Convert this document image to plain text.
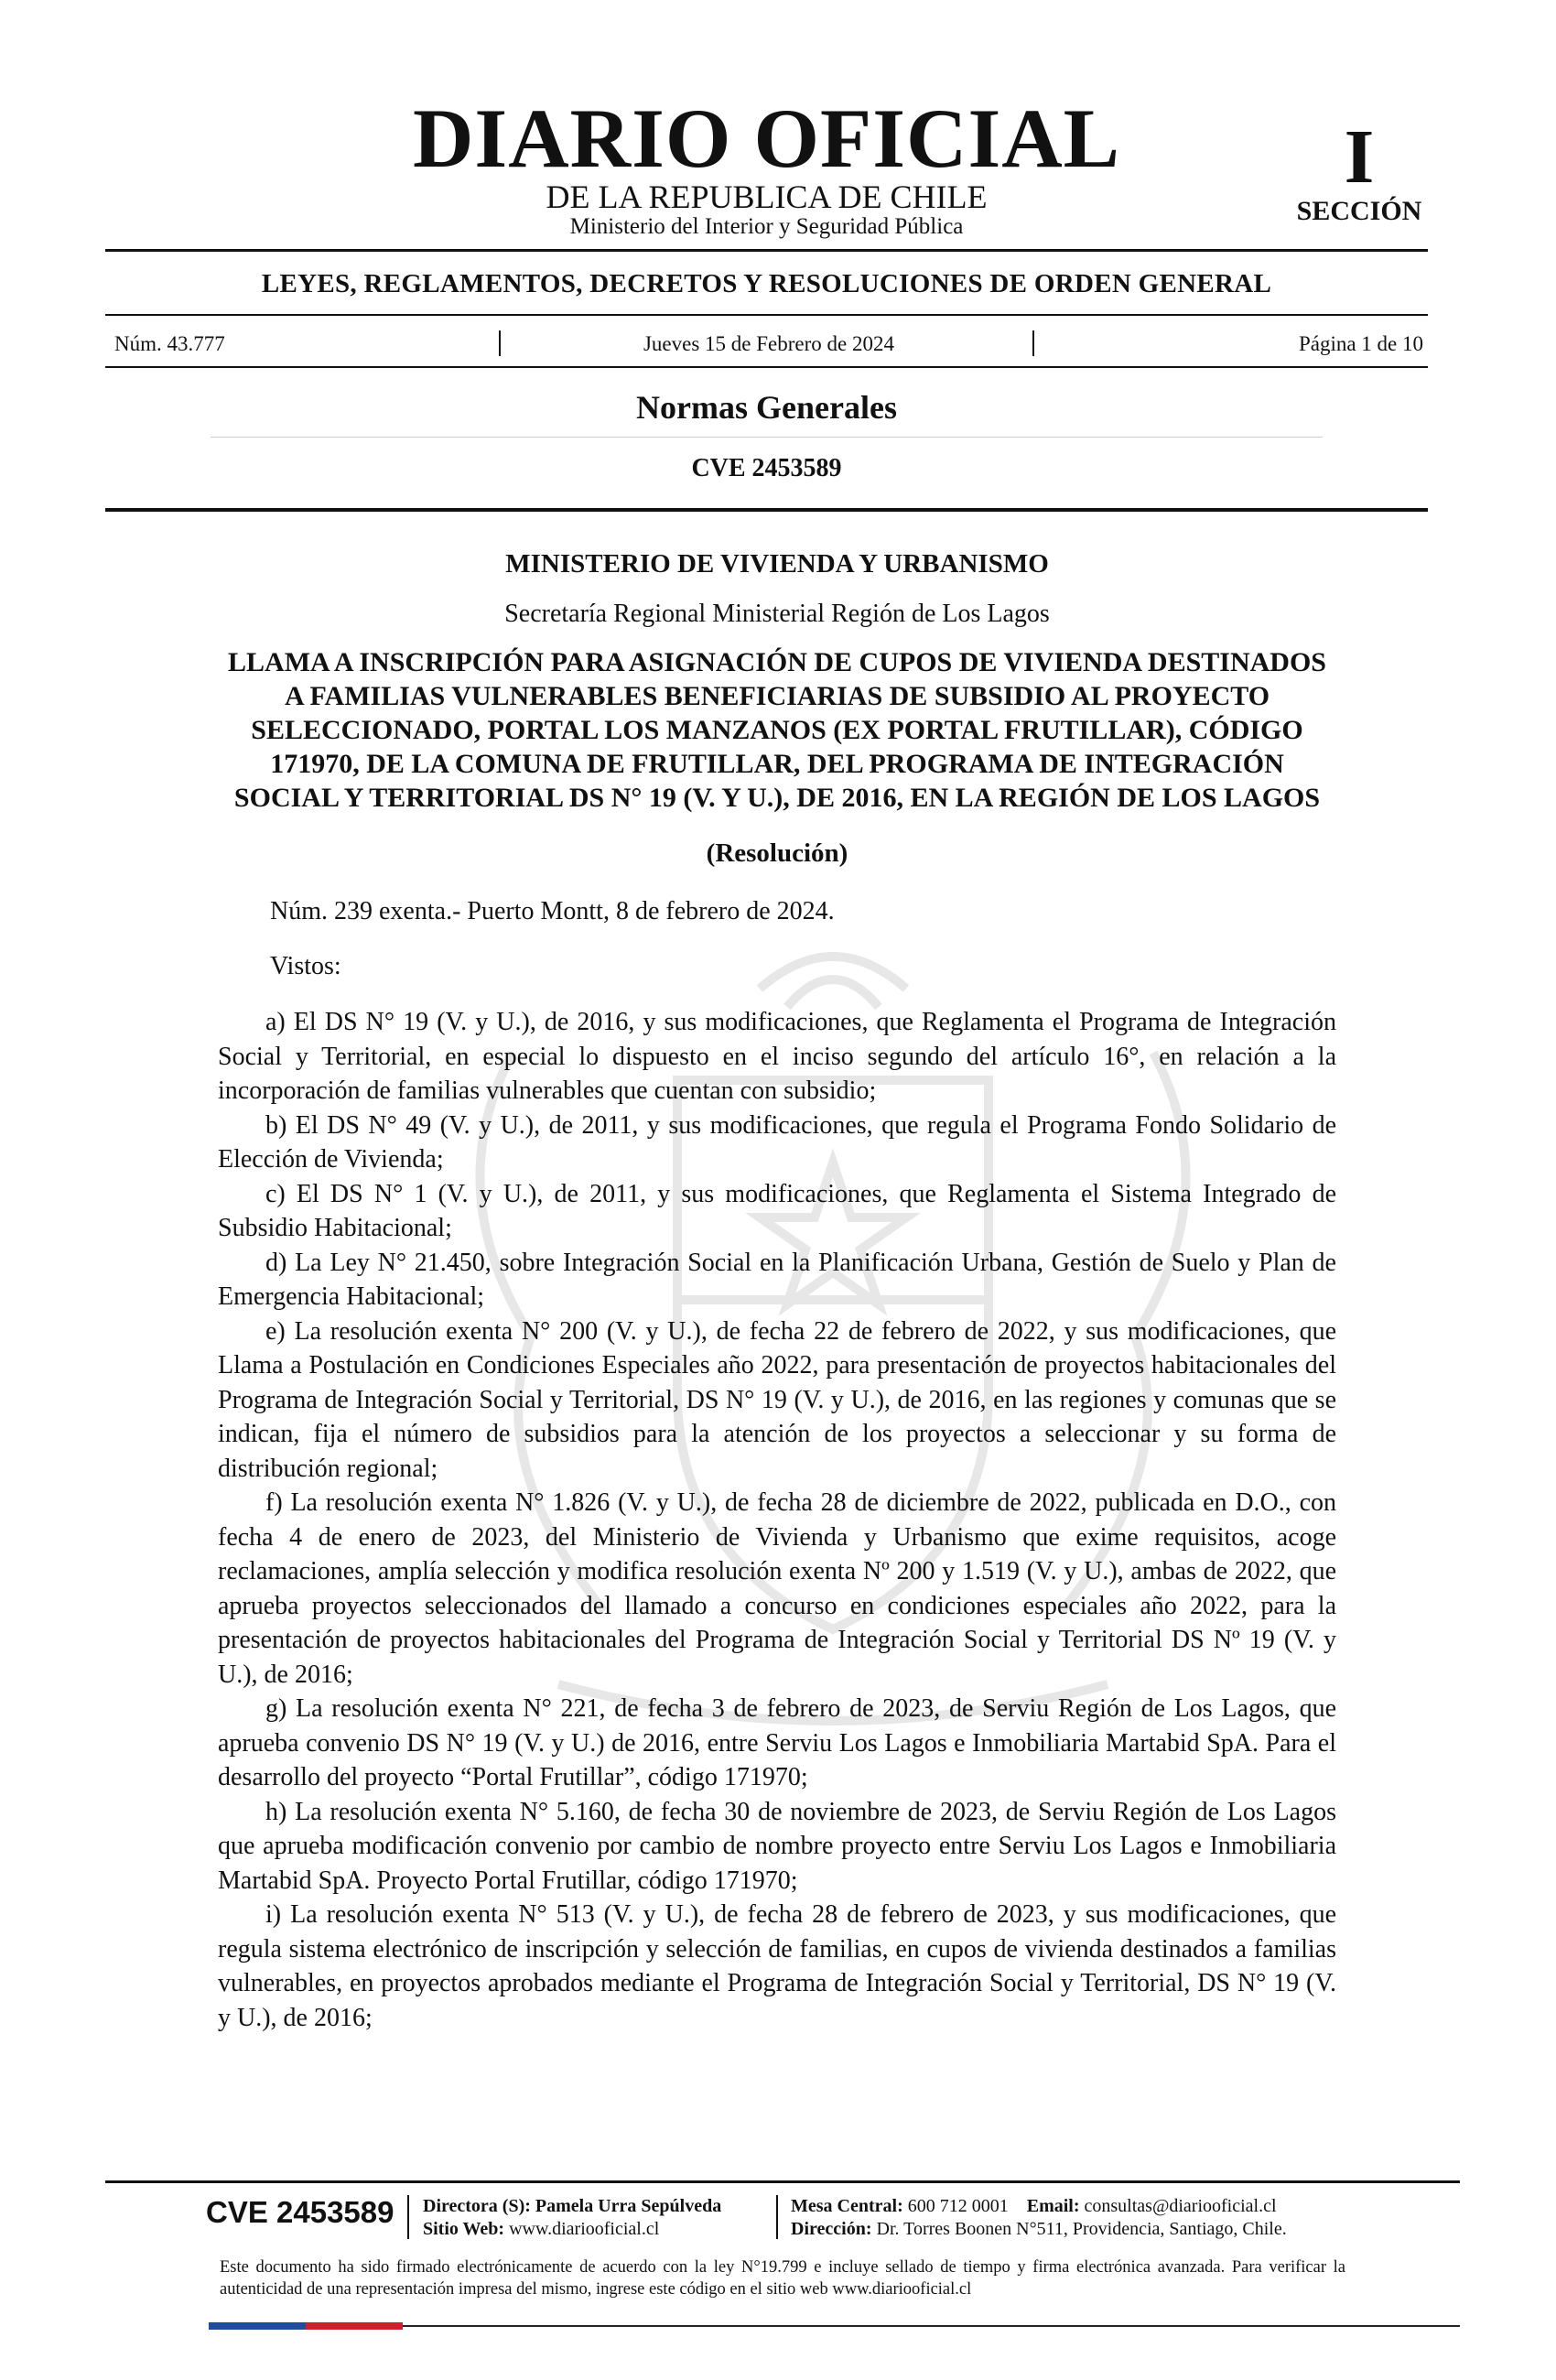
DIARIO OFICIAL
DE LA REPUBLICA DE CHILE
Ministerio del Interior y Seguridad Pública
I
SECCIÓN
LEYES, REGLAMENTOS, DECRETOS Y RESOLUCIONES DE ORDEN GENERAL
Núm. 43.777	Jueves 15 de Febrero de 2024	Página 1 de 10
Normas Generales
CVE 2453589

MINISTERIO DE VIVIENDA Y URBANISMO

Secretaría Regional Ministerial Región de Los Lagos

LLAMA A INSCRIPCIÓN PARA ASIGNACIÓN DE CUPOS DE VIVIENDA DESTINADOS A FAMILIAS VULNERABLES BENEFICIARIAS DE SUBSIDIO AL PROYECTO SELECCIONADO, PORTAL LOS MANZANOS (EX PORTAL FRUTILLAR), CÓDIGO 171970, DE LA COMUNA DE FRUTILLAR, DEL PROGRAMA DE INTEGRACIÓN SOCIAL Y TERRITORIAL DS N° 19 (V. Y U.), DE 2016, EN LA REGIÓN DE LOS LAGOS

(Resolución)

Núm. 239 exenta.- Puerto Montt, 8 de febrero de 2024.

Vistos:

a) El DS N° 19 (V. y U.), de 2016, y sus modificaciones, que Reglamenta el Programa de Integración Social y Territorial, en especial lo dispuesto en el inciso segundo del artículo 16°, en relación a la incorporación de familias vulnerables que cuentan con subsidio;

b) El DS N° 49 (V. y U.), de 2011, y sus modificaciones, que regula el Programa Fondo Solidario de Elección de Vivienda;

c) El DS N° 1 (V. y U.), de 2011, y sus modificaciones, que Reglamenta el Sistema Integrado de Subsidio Habitacional;

d) La Ley N° 21.450, sobre Integración Social en la Planificación Urbana, Gestión de Suelo y Plan de Emergencia Habitacional;

e) La resolución exenta N° 200 (V. y U.), de fecha 22 de febrero de 2022, y sus modificaciones, que Llama a Postulación en Condiciones Especiales año 2022, para presentación de proyectos habitacionales del Programa de Integración Social y Territorial, DS N° 19 (V. y U.), de 2016, en las regiones y comunas que se indican, fija el número de subsidios para la atención de los proyectos a seleccionar y su forma de distribución regional;

f) La resolución exenta N° 1.826 (V. y U.), de fecha 28 de diciembre de 2022, publicada en D.O., con fecha 4 de enero de 2023, del Ministerio de Vivienda y Urbanismo que exime requisitos, acoge reclamaciones, amplía selección y modifica resolución exenta Nº 200 y 1.519 (V. y U.), ambas de 2022, que aprueba proyectos seleccionados del llamado a concurso en condiciones especiales año 2022, para la presentación de proyectos habitacionales del Programa de Integración Social y Territorial DS Nº 19 (V. y U.), de 2016;

g) La resolución exenta N° 221, de fecha 3 de febrero de 2023, de Serviu Región de Los Lagos, que aprueba convenio DS N° 19 (V. y U.) de 2016, entre Serviu Los Lagos e Inmobiliaria Martabid SpA. Para el desarrollo del proyecto “Portal Frutillar”, código 171970;

h) La resolución exenta N° 5.160, de fecha 30 de noviembre de 2023, de Serviu Región de Los Lagos que aprueba modificación convenio por cambio de nombre proyecto entre Serviu Los Lagos e Inmobiliaria Martabid SpA. Proyecto Portal Frutillar, código 171970;

i) La resolución exenta N° 513 (V. y U.), de fecha 28 de febrero de 2023, y sus modificaciones, que regula sistema electrónico de inscripción y selección de familias, en cupos de vivienda destinados a familias vulnerables, en proyectos aprobados mediante el Programa de Integración Social y Territorial, DS N° 19 (V. y U.), de 2016;

CVE 2453589 Directora (S): Pamela Urra Sepúlveda
Sitio Web: www.diariooficial.cl
Mesa Central: 600 712 0001 Email: consultas@diariooficial.cl
Dirección: Dr. Torres Boonen N°511, Providencia, Santiago, Chile.
Este documento ha sido firmado electrónicamente de acuerdo con la ley N°19.799 e incluye sellado de tiempo y firma electrónica avanzada. Para verificar la autenticidad de una representación impresa del mismo, ingrese este código en el sitio web www.diariooficial.cl
